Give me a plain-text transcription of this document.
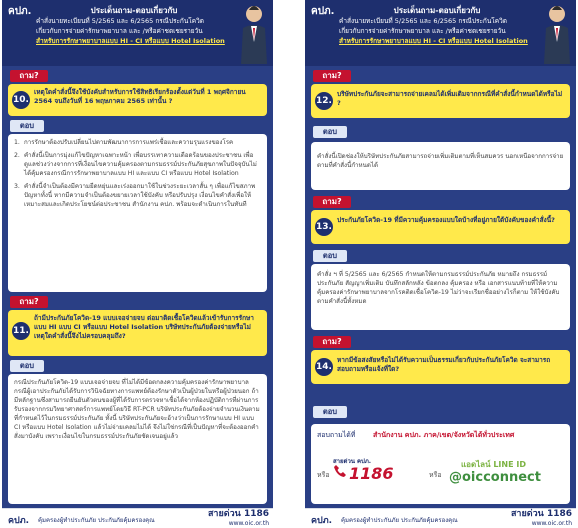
คปภ.	ประเด็นถาม-ตอบเกี่ยวกับ
คำสั่งนายทะเบียนที่ 5/2565 และ 6/2565 กรณีประกันโควิด
เกี่ยวกับการจ่ายค่ารักษาพยาบาล และ /หรือค่าชดเชยรายวัน
สำหรับการรักษาพยาบาลแบบ HI - CI หรือแบบ Hotel Isolation
ถาม?
10.
เหตุใดคำสั่งนี้จึงใช้บังคับสำหรับการใช้สิทธิเรียกร้องตั้งแต่วันที่ 1 พฤศจิกายน 2564 จนถึงวันที่ 16 พฤษภาคม 2565 เท่านั้น ?
ตอบ
1. การรักษาต้องปรับเปลี่ยนไปตามพัฒนาการการแพร่เชื้อและความรุนแรงของโรค
2. คำสั่งนี้เป็นการมุ่งแก้ไขปัญหาเฉพาะหน้า เพื่อบรรเทาความเดือดร้อนของประชาชน เพื่อดูแลช่วงว่างจากการที่เงื่อนไขความคุ้มครองตามกรมธรรม์ประกันภัยสุขภาพในปัจจุบันไม่ได้คุ้มครองกรณีการรักษาพยาบาลแบบ HI และแบบ CI หรือแบบ Hotel Isolation
3. คำสั่งนี้จำเป็นต้องมีความยืดหยุ่นและเร่งออกมาใช้ในช่วงระยะเวลาสั้น ๆ เพื่อแก้ไขสภาพปัญหาทั้งนี้ หากมีความจำเป็นต้องขยายเวลาใช้บังคับ หรือปรับปรุง เงื่อนไขคำสั่งเพื่อให้เหมาะสมและเกิดประโยชน์ต่อประชาชน สำนักงาน คปภ. พร้อมจะดำเนินการในทันที
ถาม?
11.
ถ้ามีประกันภัยโควิด-19 แบบเจอจ่ายจบ ต่อมาติดเชื้อโควิดแล้วเข้ารับการรักษาแบบ HI แบบ CI หรือแบบ Hotel Isolation บริษัทประกันภัยต้องจ่ายหรือไม่ เหตุใดคำสั่งนี้จึงไม่ครอบคลุมถึง?
ตอบ
กรณีประกันภัยโควิด-19 แบบเจอจ่ายจบ ที่ไม่ได้มีข้อตกลงความคุ้มครองค่ารักษาพยาบาลกรณีผู้เอาประกันภัยได้รับการวินิจฉัยทางการแพทย์ต้องรักษาตัวเป็นผู้ป่วยในหรือผู้ป่วยนอก ถ้ามีหลักฐานซึ่งสามารถยืนยันตัวตนของผู้ที่ได้รับการตรวจหาเชื้อได้จากห้องปฏิบัติการที่ผ่านการรับรองจากกรมวิทยาศาสตร์การแพทย์โดยวิธี RT-PCR บริษัทประกันภัยต้องจ่ายจำนวนเงินตามที่กำหนดไว้ในกรมธรรม์ประกันภัย ทั้งนี้ บริษัทประกันภัยจะอ้างว่าเป็นการรักษาแบบ HI แบบ CI หรือแบบ Hotel Isolation แล้วไม่จ่ายเคลมไม่ได้ จึงไม่ใช่กรณีที่เป็นปัญหาที่จะต้องออกคำสั่งมาบังคับ เพราะเงื่อนไขในกรมธรรม์ประกันภัยชัดเจนอยู่แล้ว
คปภ. คุ้มครองผู้ทำประกันภัย ประกันภัยคุ้มครองคุณ
สายด่วน 1186
www.oic.or.th
คปภ.	ประเด็นถาม-ตอบเกี่ยวกับ
คำสั่งนายทะเบียนที่ 5/2565 และ 6/2565 กรณีประกันโควิด
เกี่ยวกับการจ่ายค่ารักษาพยาบาล และ /หรือค่าชดเชยรายวัน
สำหรับการรักษาพยาบาลแบบ HI - CI หรือแบบ Hotel Isolation
ถาม?
12.
บริษัทประกันภัยจะสามารถจ่ายเคลมได้เพิ่มเติมจากกรณีที่คำสั่งนี้กำหนดได้หรือไม่ ?
ตอบ
คำสั่งนี้เปิดช่องให้บริษัทประกันภัยสามารถจ่ายเพิ่มเติมตามที่เห็นสมควร นอกเหนือจากการจ่ายตามที่คำสั่งนี้กำหนดได้
ถาม?
13.
ประกันภัยโควิด-19 ที่มีความคุ้มครองแบบใดบ้างที่อยู่ภายใต้บังคับของคำสั่งนี้?
ตอบ
คำสั่ง ฯ ที่ 5/2565 และ 6/2565 กำหนดให้ตามกรมธรรม์ประกันภัย หมายถึง กรมธรรม์ประกันภัย สัญญาเพิ่มเติม บันทึกสลักหลัง ข้อตกลง คุ้มครอง หรือ เอกสารแนบท้ายที่ให้ความคุ้มครองค่ารักษาพยาบาลจากโรคติดเชื้อโควิด-19 ไม่ว่าจะเรียกชื่ออย่างไรก็ตาม ให้ใช้บังคับตามคำสั่งนี้ทั้งหมด
ถาม?
14.
หากมีข้อสงสัยหรือไม่ได้รับความเป็นธรรมเกี่ยวกับประกันภัยโควิด จะสามารถสอบถามหรือแจ้งที่ใด?
ตอบ
สอบถามได้ที่	สำนักงาน คปภ. ภาค/เขต/จังหวัดได้ทั่วประเทศ
หรือ
สายด่วน คปภ.
1186	หรือ
แอดไลน์ LINE ID
@oicconnect
คปภ. คุ้มครองผู้ทำประกันภัย ประกันภัยคุ้มครองคุณ
สายด่วน 1186
www.oic.or.th
